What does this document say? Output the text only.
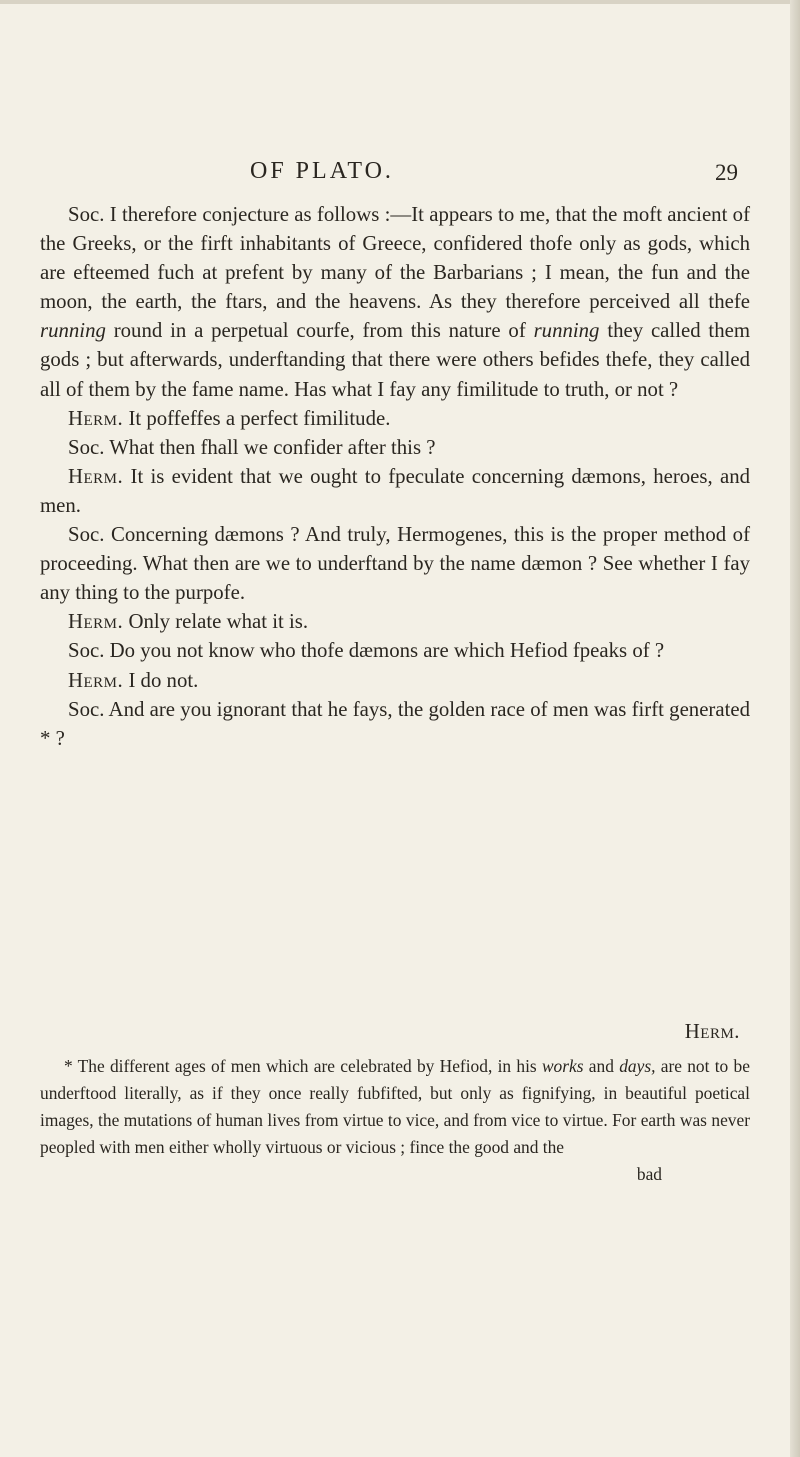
OF PLATO.	29

Soc. I therefore conjecture as follows :—It appears to me, that the moft ancient of the Greeks, or the firft inhabitants of Greece, confidered thofe only as gods, which are efteemed fuch at prefent by many of the Barbarians ; I mean, the fun and the moon, the earth, the ftars, and the heavens. As they therefore perceived all thefe running round in a perpetual courfe, from this nature of running they called them gods ; but afterwards, underftanding that there were others befides thefe, they called all of them by the fame name. Has what I fay any fimilitude to truth, or not ?

Herm. It poffeffes a perfect fimilitude.

Soc. What then fhall we confider after this ?

Herm. It is evident that we ought to fpeculate concerning dæmons, heroes, and men.

Soc. Concerning dæmons ? And truly, Hermogenes, this is the proper method of proceeding. What then are we to underftand by the name dæmon ? See whether I fay any thing to the purpofe.

Herm. Only relate what it is.

Soc. Do you not know who thofe dæmons are which Hefiod fpeaks of ?

Herm. I do not.

Soc. And are you ignorant that he fays, the golden race of men was firft generated * ?

Herm.

* The different ages of men which are celebrated by Hefiod, in his works and days, are not to be underftood literally, as if they once really fubfifted, but only as fignifying, in beautiful poetical images, the mutations of human lives from virtue to vice, and from vice to virtue. For earth was never peopled with men either wholly virtuous or vicious ; fince the good and the

bad
